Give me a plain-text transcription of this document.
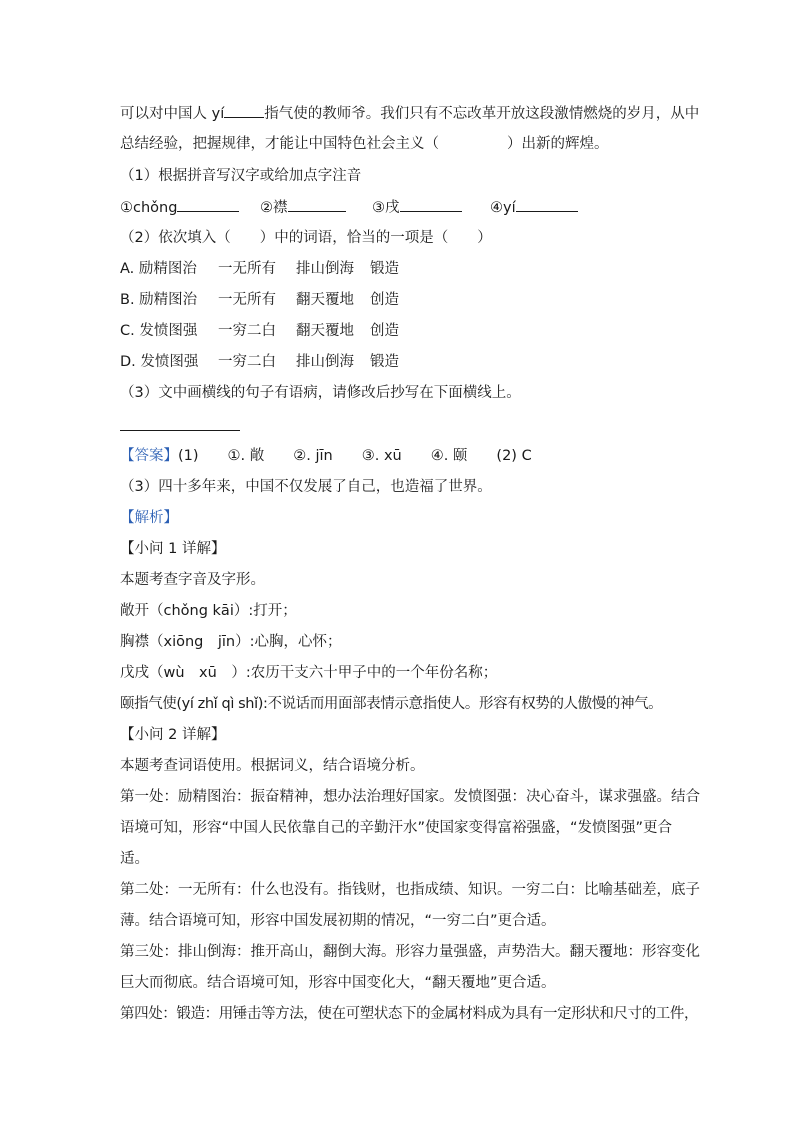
可以对中国人 yí	指气使的教师爷。我们只有不忘改革开放这段激情燃烧的岁月，从中
总结经验，把握规律，才能让中国特色社会主义（	）出新的辉煌。
（1）根据拼音写汉字或给加点字注音
①chǒng	②襟	③戌	④yí
（2）依次填入（　　）中的词语，恰当的一项是（　　）
A. 励精图治 一无所有 排山倒海 锻造
B. 励精图治 一无所有 翻天覆地 创造
C. 发愤图强 一穷二白 翻天覆地 创造
D. 发愤图强 一穷二白 排山倒海 锻造
（3）文中画横线的句子有语病，请修改后抄写在下面横线上。
【答案】(1)　　①. 敞　　②. jīn　　③. xū　　④. 颐　　(2) C
（3）四十多年来，中国不仅发展了自己，也造福了世界。
【解析】
【小问 1 详解】
本题考查字音及字形。
敞开（chǒng kāi）:打开；
胸襟（xiōng　jīn）:心胸，心怀；
戊戌（wù　xū　）:农历干支六十甲子中的一个年份名称；
颐指气使(yí zhǐ qì shǐ):不说话而用面部表情示意指使人。形容有权势的人傲慢的神气。
【小问 2 详解】
本题考查词语使用。根据词义，结合语境分析。
第一处：励精图治：振奋精神，想办法治理好国家。发愤图强：决心奋斗，谋求强盛。结合
语境可知，形容“中国人民依靠自己的辛勤汗水”使国家变得富裕强盛，“发愤图强”更合
适。
第二处：一无所有：什么也没有。指钱财，也指成绩、知识。一穷二白：比喻基础差，底子
薄。结合语境可知，形容中国发展初期的情况，“一穷二白”更合适。
第三处：排山倒海：推开高山，翻倒大海。形容力量强盛，声势浩大。翻天覆地：形容变化
巨大而彻底。结合语境可知，形容中国变化大，“翻天覆地”更合适。
第四处：锻造：用锤击等方法，使在可塑状态下的金属材料成为具有一定形状和尺寸的工件，
